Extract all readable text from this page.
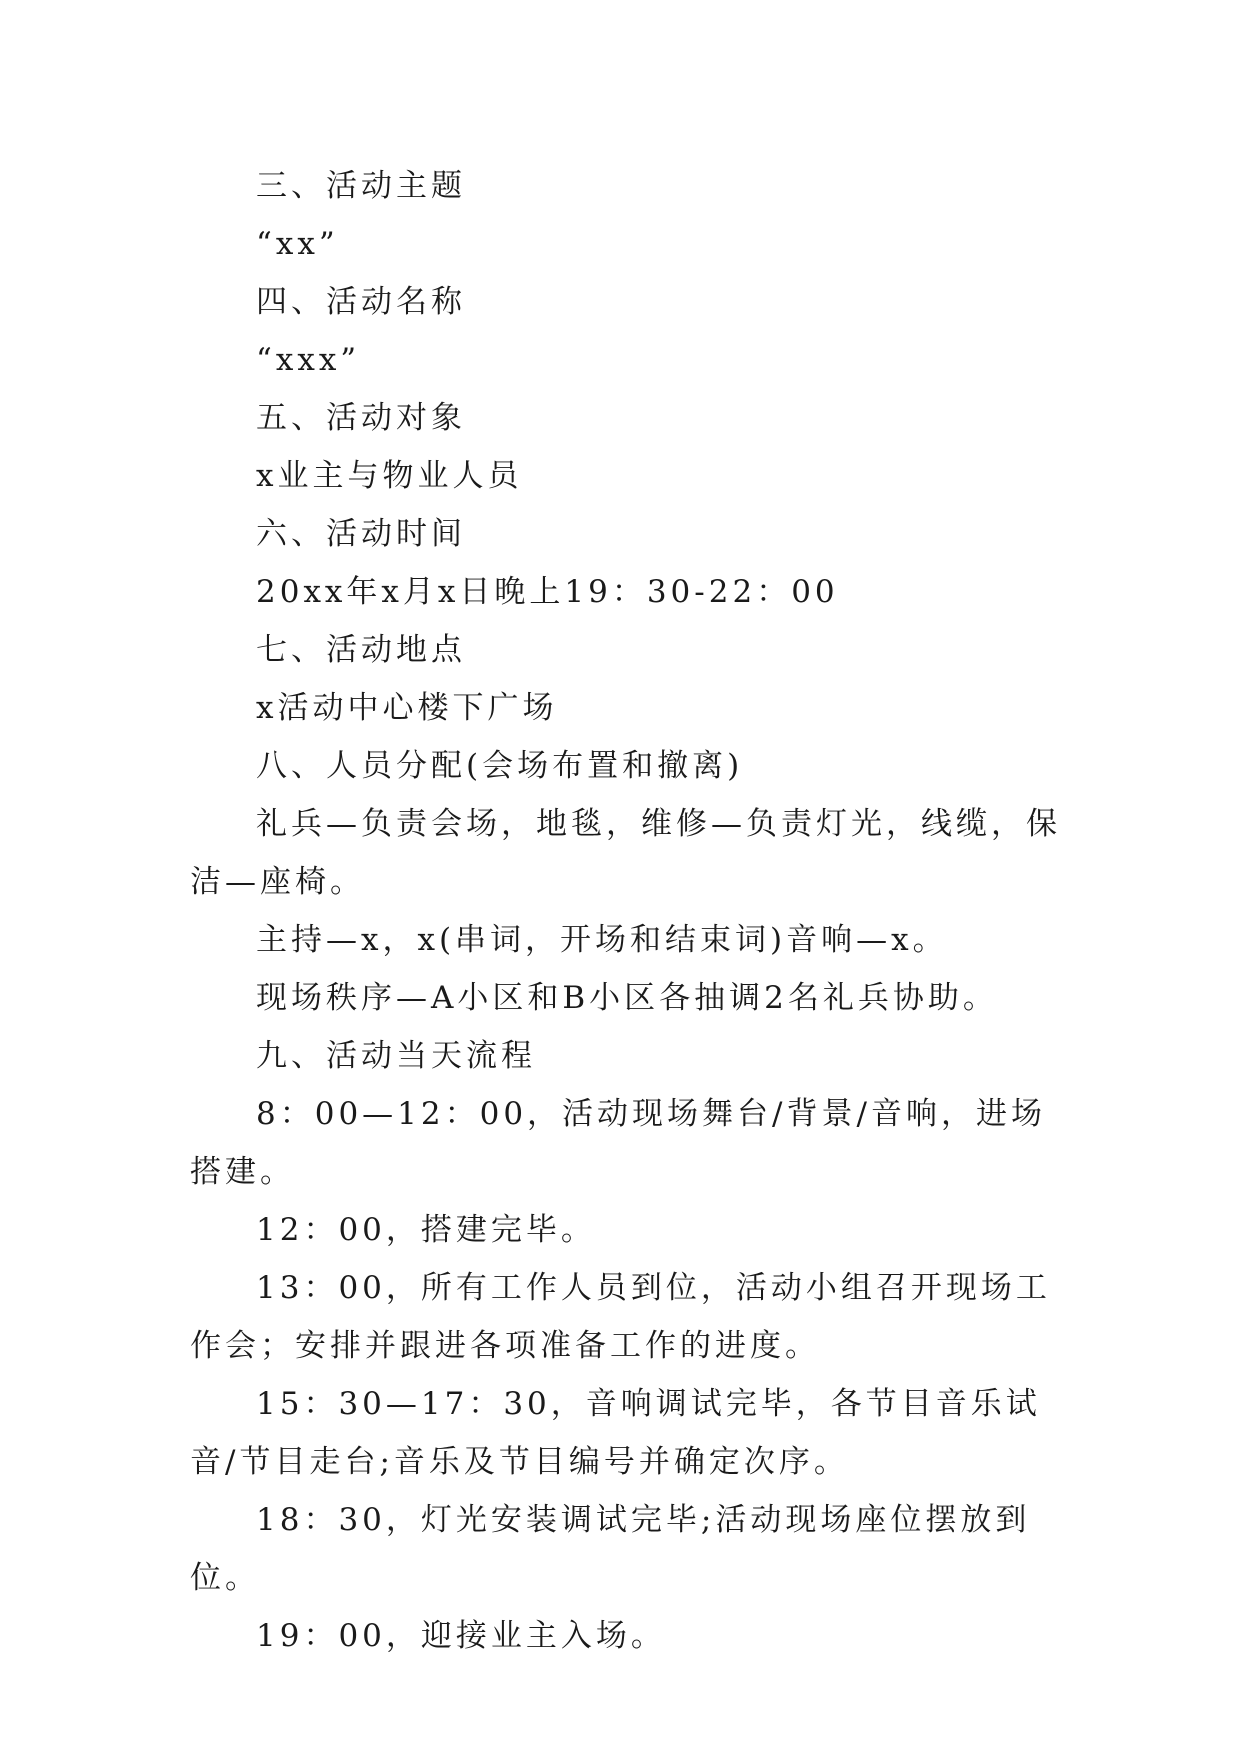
三、活动主题

“xx”

四、活动名称

“xxx”

五、活动对象

x业主与物业人员

六、活动时间

20xx年x月x日晚上19：30-22：00

七、活动地点

x活动中心楼下广场

八、人员分配(会场布置和撤离)

礼兵—负责会场，地毯，维修—负责灯光，线缆，保洁—座椅。

主持—x，x(串词，开场和结束词)音响—x。

现场秩序—A小区和B小区各抽调2名礼兵协助。

九、活动当天流程

8：00—12：00，活动现场舞台/背景/音响，进场搭建。

12：00，搭建完毕。

13：00，所有工作人员到位，活动小组召开现场工作会；安排并跟进各项准备工作的进度。

15：30—17：30，音响调试完毕，各节目音乐试音/节目走台;音乐及节目编号并确定次序。

18：30，灯光安装调试完毕;活动现场座位摆放到位。

19：00，迎接业主入场。
